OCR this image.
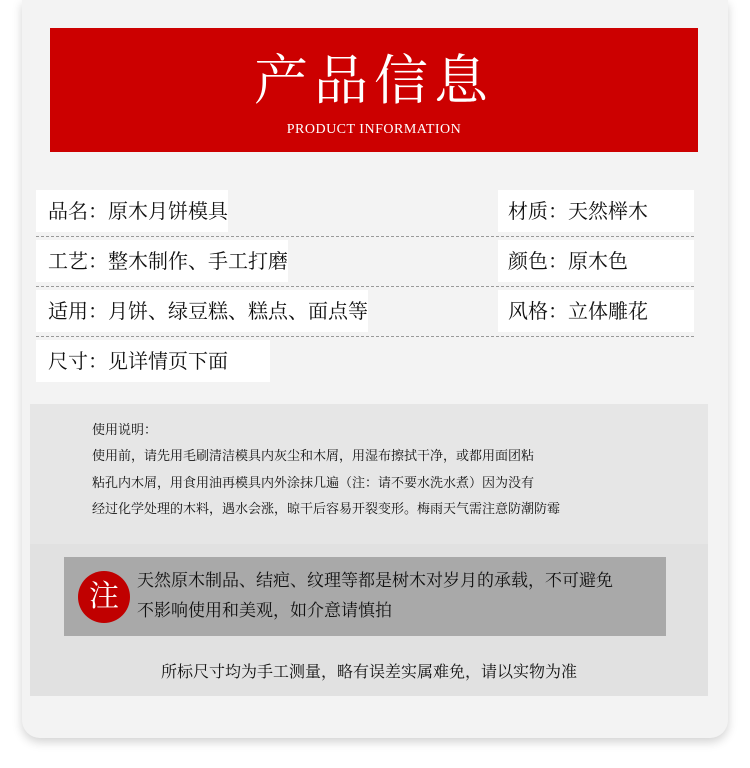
产品信息
PRODUCT INFORMATION
品名：原木月饼模具	材质：天然榉木
工艺：整木制作、手工打磨	颜色：原木色
适用：月饼、绿豆糕、糕点、面点等	风格：立体雕花
尺寸：见详情页下面
使用说明：
使用前，请先用毛刷清洁模具内灰尘和木屑，用湿布擦拭干净，或都用面团粘
粘孔内木屑，用食用油再模具内外涂抹几遍（注：请不要水洗水煮）因为没有
经过化学处理的木料，遇水会涨，晾干后容易开裂变形。梅雨天气需注意防潮防霉
注	天然原木制品、结疤、纹理等都是树木对岁月的承载，不可避免
不影响使用和美观，如介意请慎拍
所标尺寸均为手工测量，略有误差实属难免，请以实物为准
